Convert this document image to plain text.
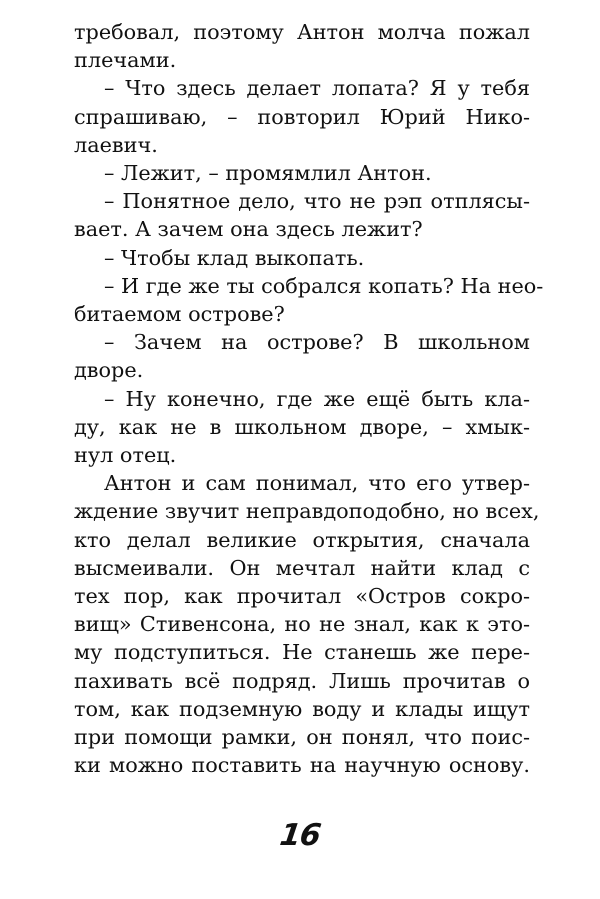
требовал, поэтому Антон молча пожал
плечами.
– Что здесь делает лопата? Я у тебя
спрашиваю, – повторил Юрий Нико-
лаевич.
– Лежит, – промямлил Антон.
– Понятное дело, что не рэп отплясы-
вает. А зачем она здесь лежит?
– Чтобы клад выкопать.
– И где же ты собрался копать? На нео-
битаемом острове?
– Зачем на острове? В школьном
дворе.
– Ну конечно, где же ещё быть кла-
ду, как не в школьном дворе, – хмык-
нул отец.
Антон и сам понимал, что его утвер-
ждение звучит неправдоподобно, но всех,
кто делал великие открытия, сначала
высмеивали. Он мечтал найти клад с
тех пор, как прочитал «Остров сокро-
вищ» Стивенсона, но не знал, как к это-
му подступиться. Не станешь же пере-
пахивать всё подряд. Лишь прочитав о
том, как подземную воду и клады ищут
при помощи рамки, он понял, что поис-
ки можно поставить на научную основу.
16
